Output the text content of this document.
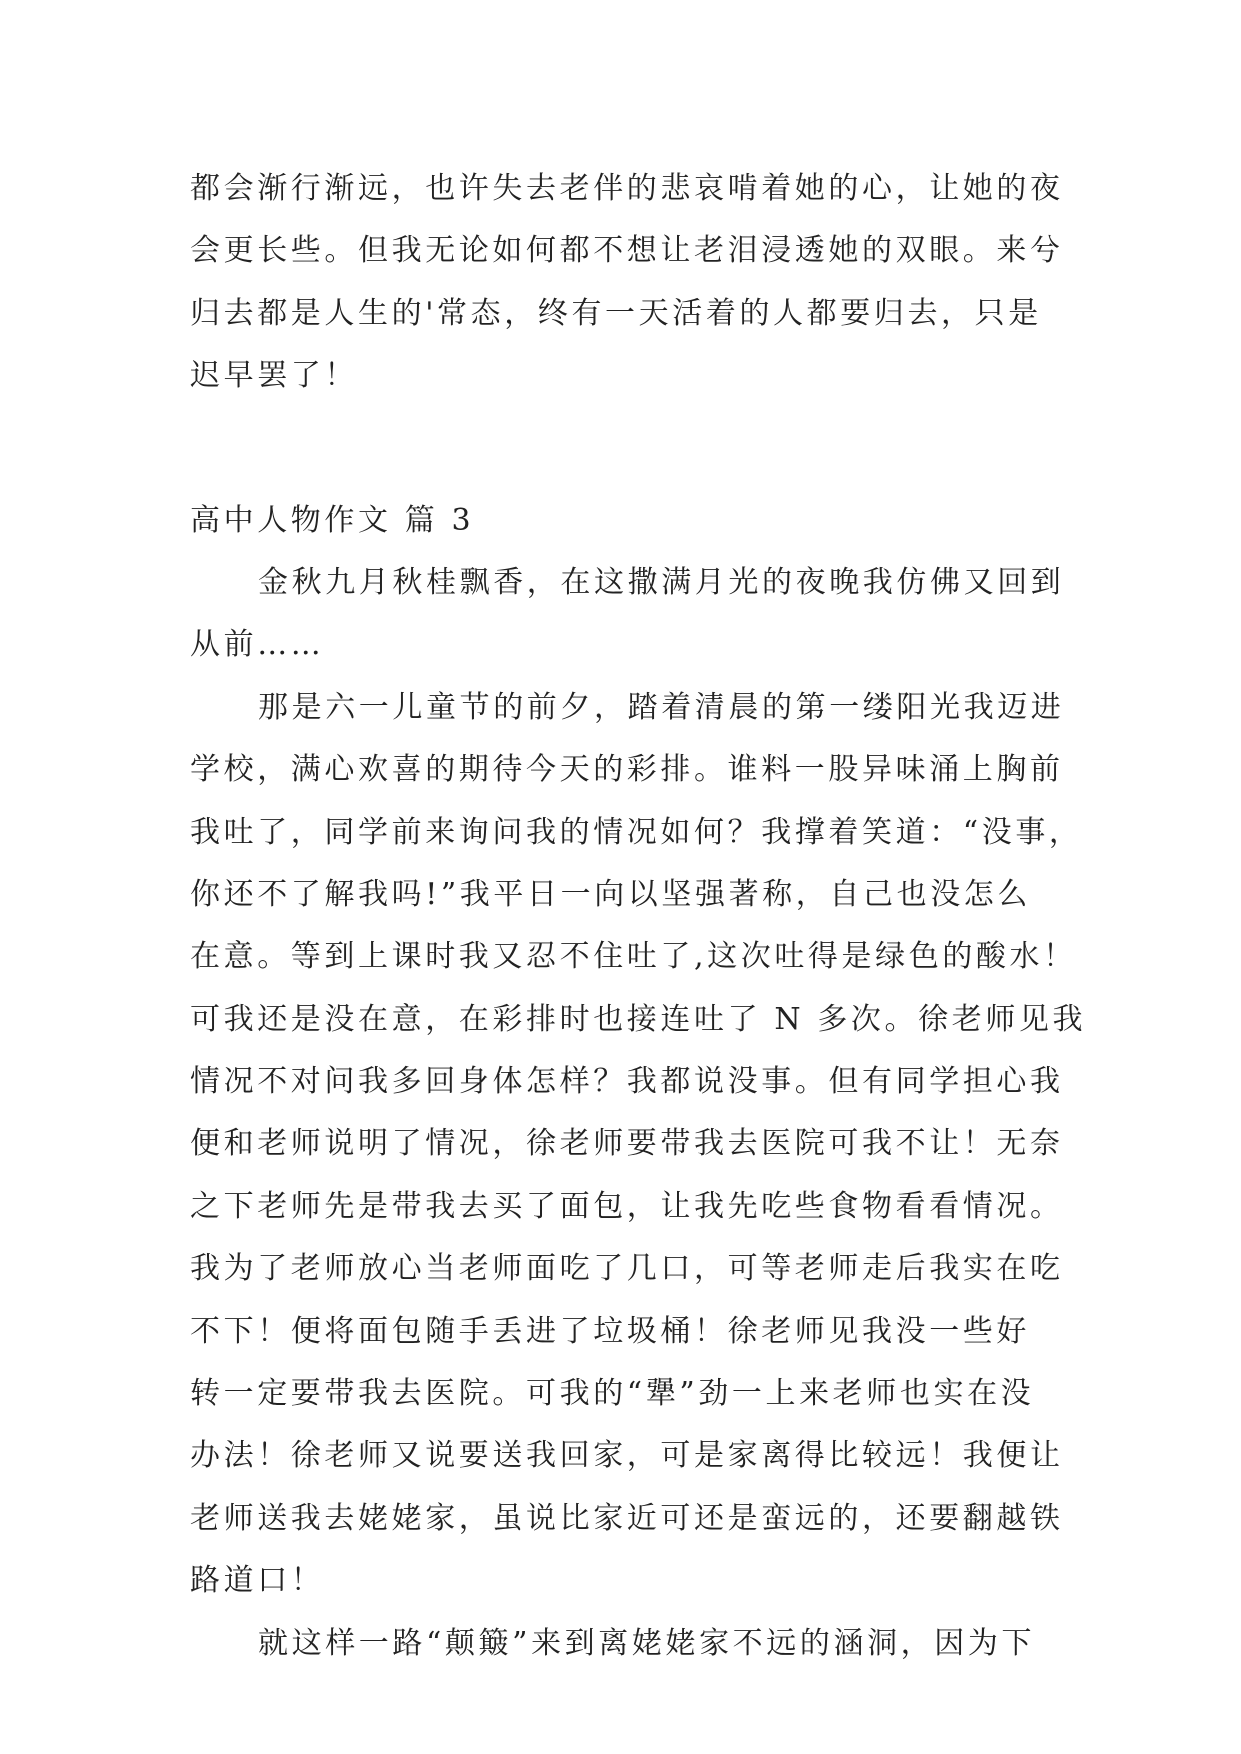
都会渐行渐远，也许失去老伴的悲哀啃着她的心，让她的夜
会更长些。但我无论如何都不想让老泪浸透她的双眼。来兮
归去都是人生的'常态，终有一天活着的人都要归去，只是
迟早罢了！
高中人物作文 篇 3
金秋九月秋桂飘香，在这撒满月光的夜晚我仿佛又回到
从前……
那是六一儿童节的前夕，踏着清晨的第一缕阳光我迈进
学校，满心欢喜的期待今天的彩排。谁料一股异味涌上胸前
我吐了，同学前来询问我的情况如何？我撑着笑道：“没事，
你还不了解我吗!”我平日一向以坚强著称，自己也没怎么
在意。等到上课时我又忍不住吐了,这次吐得是绿色的酸水！
可我还是没在意，在彩排时也接连吐了 N 多次。徐老师见我
情况不对问我多回身体怎样？我都说没事。但有同学担心我
便和老师说明了情况，徐老师要带我去医院可我不让！无奈
之下老师先是带我去买了面包，让我先吃些食物看看情况。
我为了老师放心当老师面吃了几口，可等老师走后我实在吃
不下！便将面包随手丢进了垃圾桶！徐老师见我没一些好
转一定要带我去医院。可我的“犟”劲一上来老师也实在没
办法！徐老师又说要送我回家，可是家离得比较远！我便让
老师送我去姥姥家，虽说比家近可还是蛮远的，还要翻越铁
路道口！
就这样一路“颠簸”来到离姥姥家不远的涵洞，因为下
